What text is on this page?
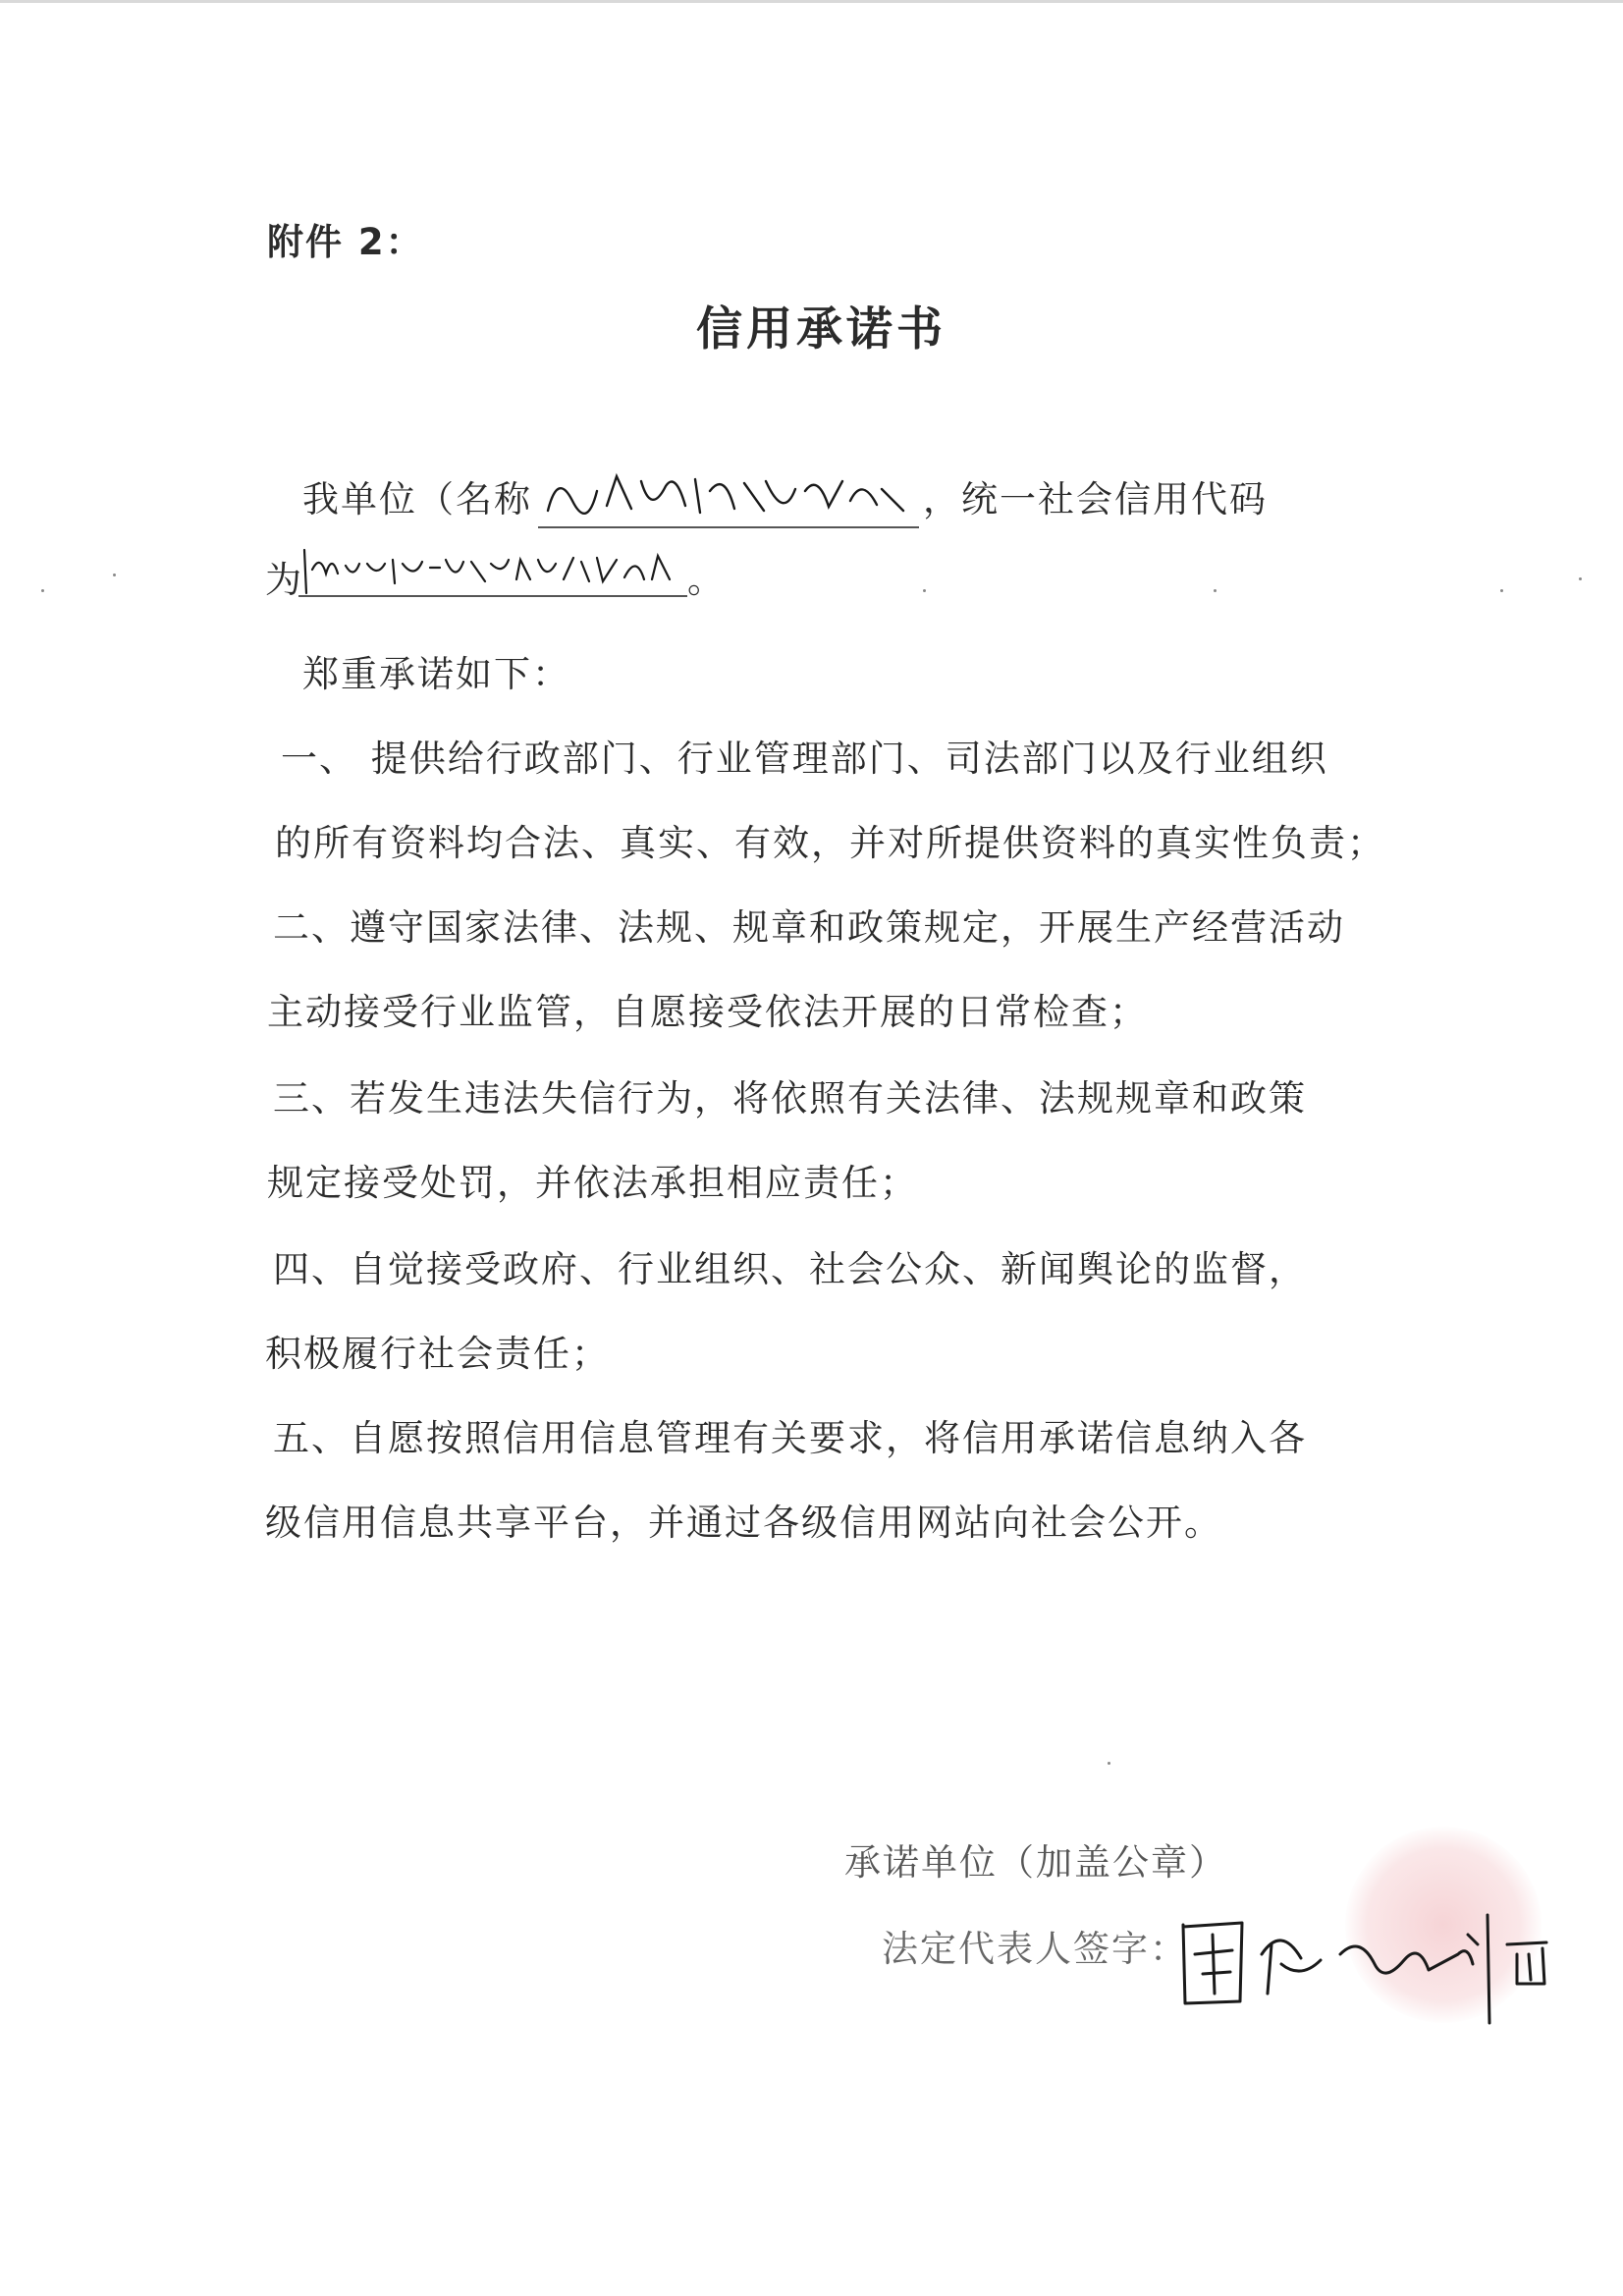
附件 2：
信用承诺书
我单位（名称	，统一社会信用代码
为	。
郑重承诺如下：
一、 提供给行政部门、行业管理部门、司法部门以及行业组织
的所有资料均合法、真实、有效，并对所提供资料的真实性负责；
二、遵守国家法律、法规、规章和政策规定，开展生产经营活动
主动接受行业监管，自愿接受依法开展的日常检查；
三、若发生违法失信行为，将依照有关法律、法规规章和政策
规定接受处罚，并依法承担相应责任；
四、自觉接受政府、行业组织、社会公众、新闻舆论的监督，
积极履行社会责任；
五、自愿按照信用信息管理有关要求，将信用承诺信息纳入各
级信用信息共享平台，并通过各级信用网站向社会公开。
承诺单位（加盖公章）
法定代表人签字：
